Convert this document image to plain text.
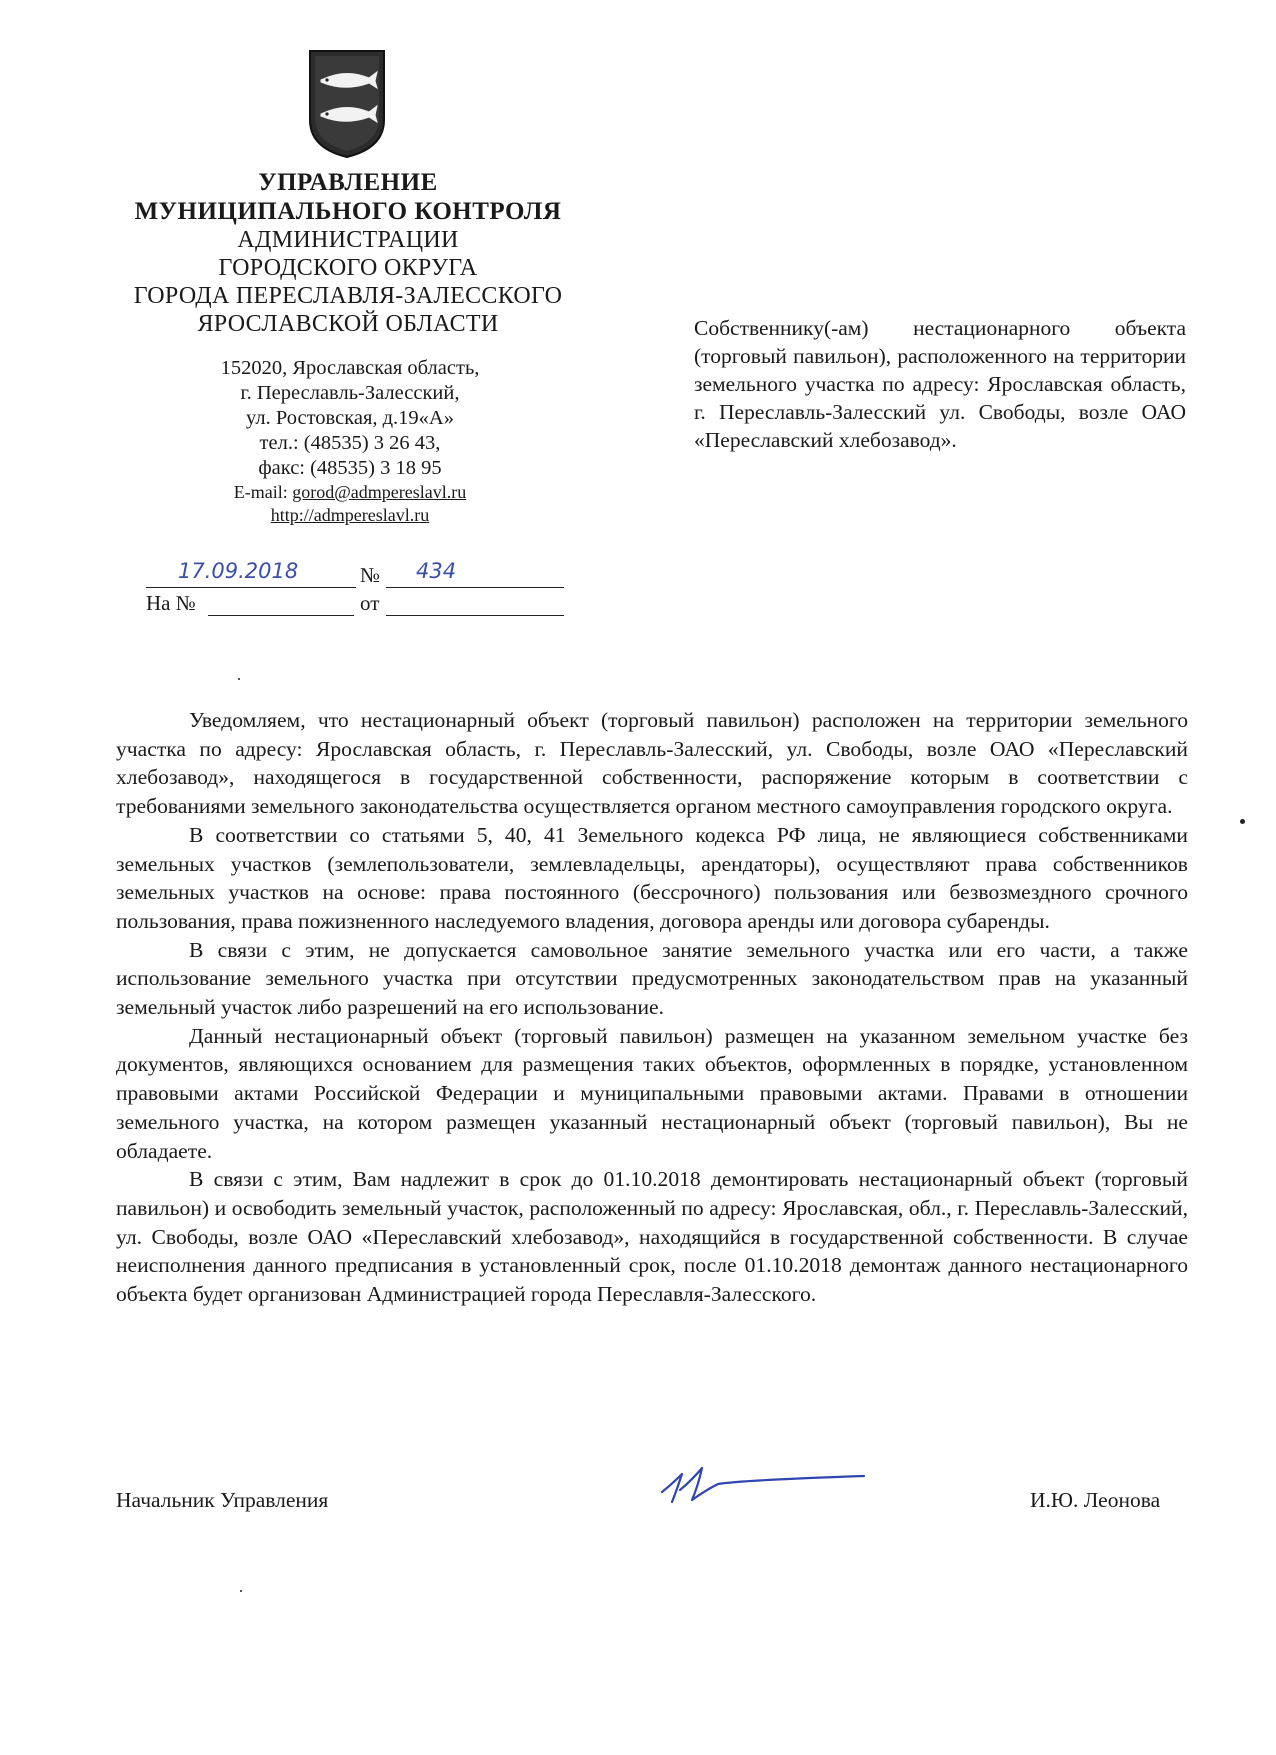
УПРАВЛЕНИЕ
МУНИЦИПАЛЬНОГО КОНТРОЛЯ
АДМИНИСТРАЦИИ
ГОРОДСКОГО ОКРУГА
ГОРОДА ПЕРЕСЛАВЛЯ-ЗАЛЕССКОГО
ЯРОСЛАВСКОЙ ОБЛАСТИ
152020, Ярославская область,
г. Переславль-Залесский,
ул. Ростовская, д.19«А»
тел.: (48535) 3 26 43,
факс: (48535) 3 18 95
E-mail: gorod@admpereslavl.ru
http://admpereslavl.ru
17.09.2018	№ 434
На №	от

Собственнику(-ам) нестационарного объекта (торговый павильон), расположенного на территории земельного участка по адресу: Ярославская область, г. Переславль-Залесский ул. Свободы, возле ОАО «Переславский хлебозавод».

Уведомляем, что нестационарный объект (торговый павильон) расположен на территории земельного участка по адресу: Ярославская область, г. Переславль-Залесский, ул. Свободы, возле ОАО «Переславский хлебозавод», находящегося в государственной собственности, распоряжение которым в соответствии с требованиями земельного законодательства осуществляется органом местного самоуправления городского округа.

В соответствии со статьями 5, 40, 41 Земельного кодекса РФ лица, не являющиеся собственниками земельных участков (землепользователи, землевладельцы, арендаторы), осуществляют права собственников земельных участков на основе: права постоянного (бессрочного) пользования или безвозмездного срочного пользования, права пожизненного наследуемого владения, договора аренды или договора субаренды.

В связи с этим, не допускается самовольное занятие земельного участка или его части, а также использование земельного участка при отсутствии предусмотренных законодательством прав на указанный земельный участок либо разрешений на его использование.

Данный нестационарный объект (торговый павильон) размещен на указанном земельном участке без документов, являющихся основанием для размещения таких объектов, оформленных в порядке, установленном правовыми актами Российской Федерации и муниципальными правовыми актами. Правами в отношении земельного участка, на котором размещен указанный нестационарный объект (торговый павильон), Вы не обладаете.

В связи с этим, Вам надлежит в срок до 01.10.2018 демонтировать нестационарный объект (торговый павильон) и освободить земельный участок, расположенный по адресу: Ярославская, обл., г. Переславль-Залесский, ул. Свободы, возле ОАО «Переславский хлебозавод», находящийся в государственной собственности. В случае неисполнения данного предписания в установленный срок, после 01.10.2018 демонтаж данного нестационарного объекта будет организован Администрацией города Переславля-Залесского.

Начальник Управления	И.Ю. Леонова
